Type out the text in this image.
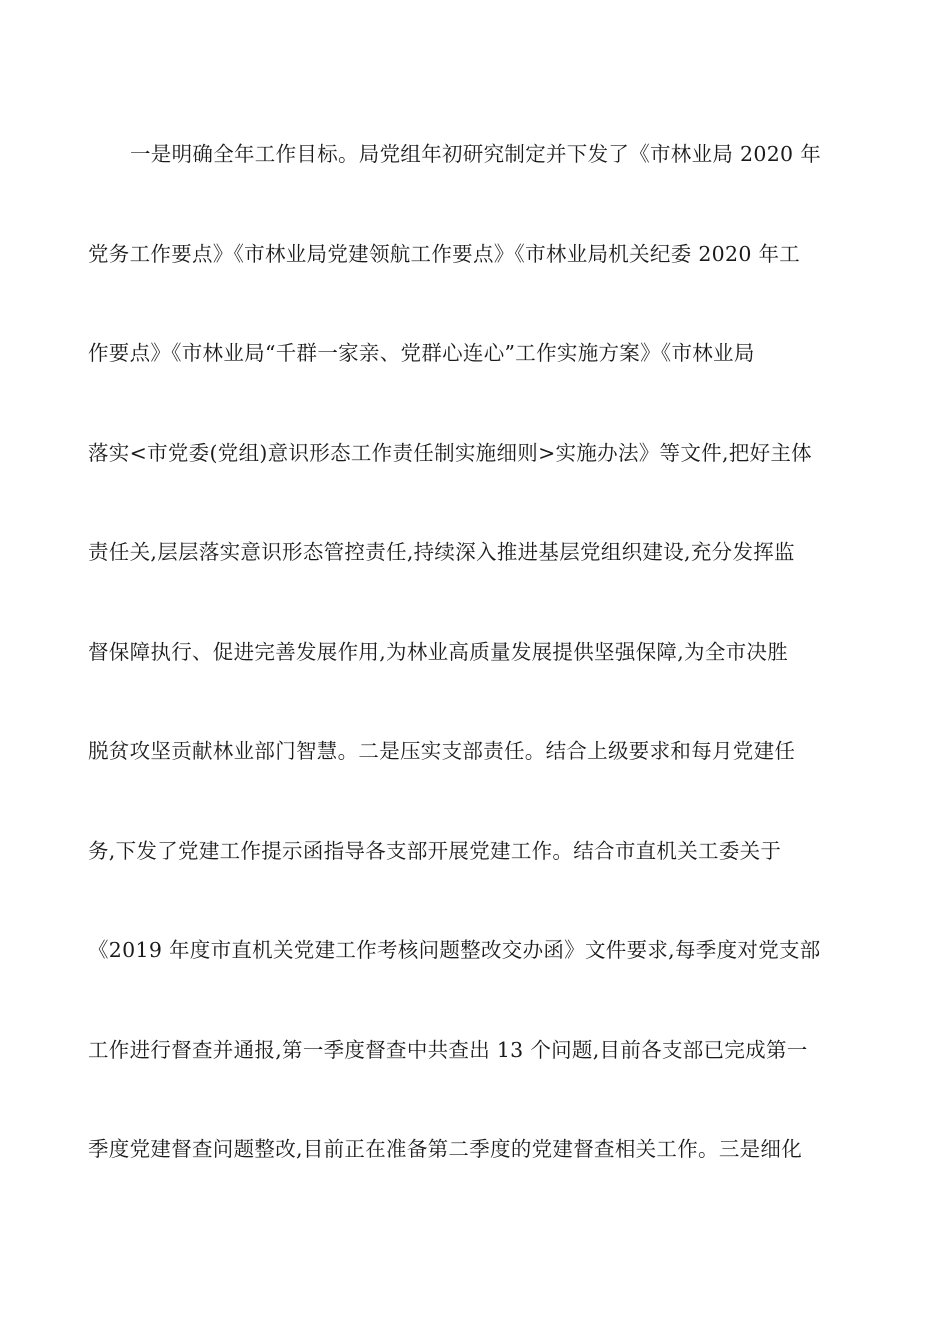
一是明确全年工作目标。局党组年初研究制定并下发了《市林业局 2020 年
党务工作要点》《市林业局党建领航工作要点》《市林业局机关纪委 2020 年工
作要点》《市林业局“千群一家亲、党群心连心”工作实施方案》《市林业局
落实<市党委(党组)意识形态工作责任制实施细则>实施办法》等文件,把好主体
责任关,层层落实意识形态管控责任,持续深入推进基层党组织建设,充分发挥监
督保障执行、促进完善发展作用,为林业高质量发展提供坚强保障,为全市决胜
脱贫攻坚贡献林业部门智慧。二是压实支部责任。结合上级要求和每月党建任
务,下发了党建工作提示函指导各支部开展党建工作。结合市直机关工委关于
《2019 年度市直机关党建工作考核问题整改交办函》文件要求,每季度对党支部
工作进行督查并通报,第一季度督查中共查出 13 个问题,目前各支部已完成第一
季度党建督查问题整改,目前正在准备第二季度的党建督查相关工作。三是细化
